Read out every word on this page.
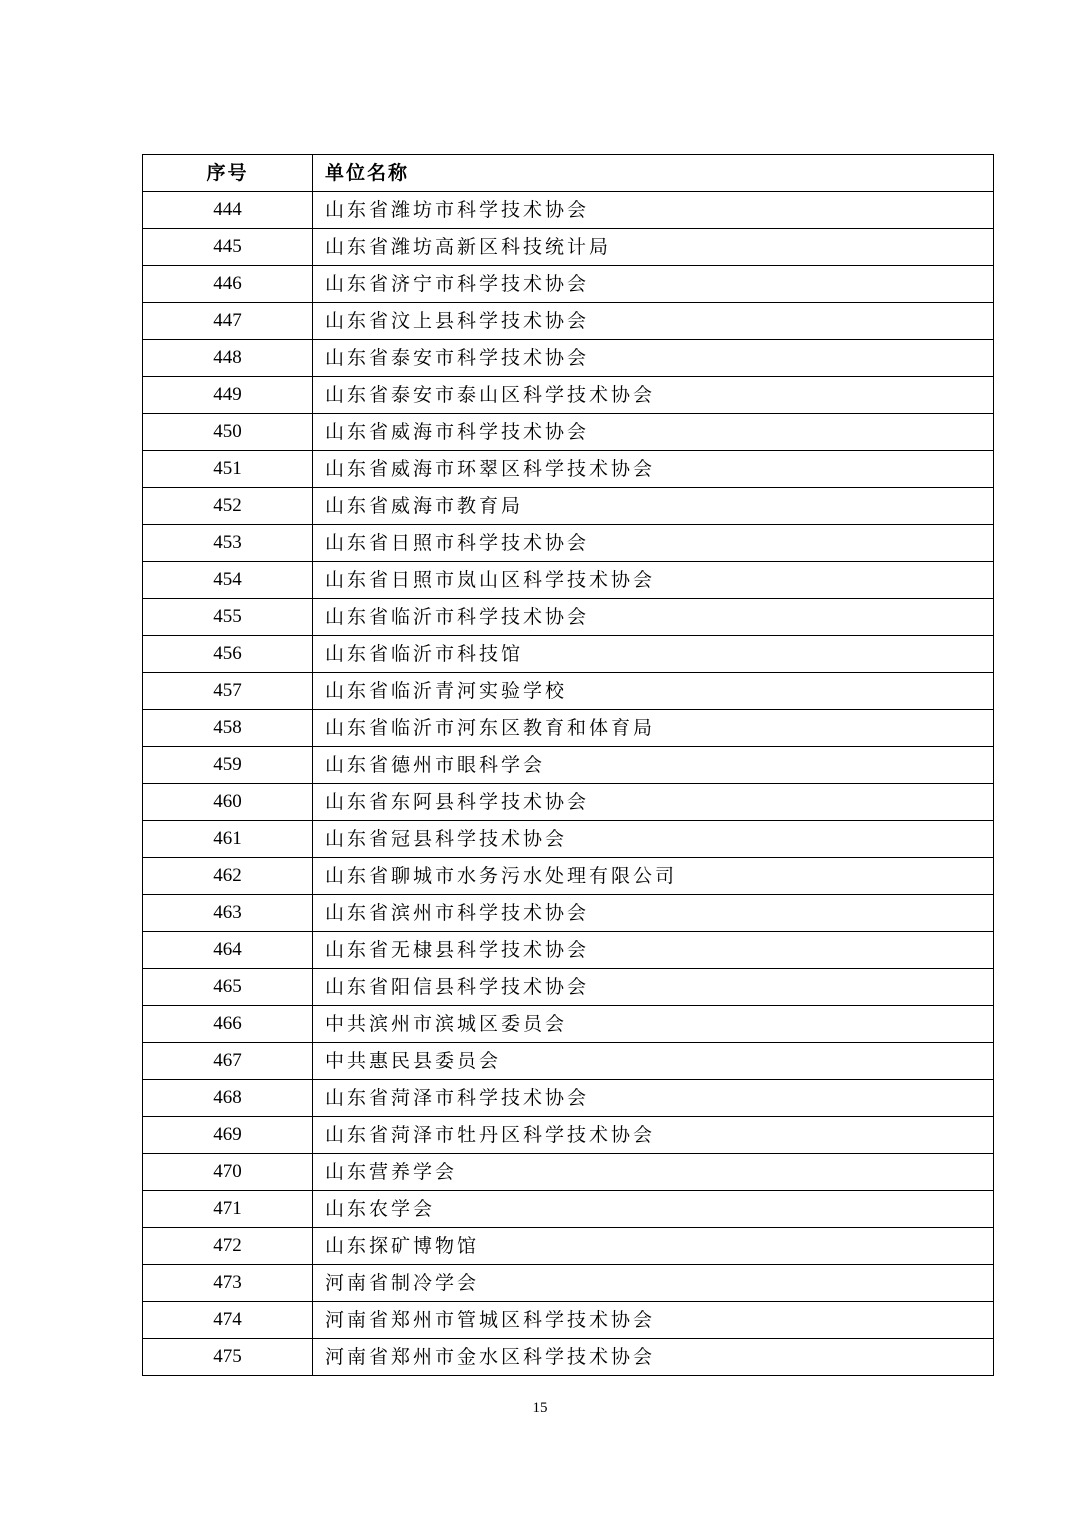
序号	单位名称
444	山东省潍坊市科学技术协会
445	山东省潍坊高新区科技统计局
446	山东省济宁市科学技术协会
447	山东省汶上县科学技术协会
448	山东省泰安市科学技术协会
449	山东省泰安市泰山区科学技术协会
450	山东省威海市科学技术协会
451	山东省威海市环翠区科学技术协会
452	山东省威海市教育局
453	山东省日照市科学技术协会
454	山东省日照市岚山区科学技术协会
455	山东省临沂市科学技术协会
456	山东省临沂市科技馆
457	山东省临沂青河实验学校
458	山东省临沂市河东区教育和体育局
459	山东省德州市眼科学会
460	山东省东阿县科学技术协会
461	山东省冠县科学技术协会
462	山东省聊城市水务污水处理有限公司
463	山东省滨州市科学技术协会
464	山东省无棣县科学技术协会
465	山东省阳信县科学技术协会
466	中共滨州市滨城区委员会
467	中共惠民县委员会
468	山东省菏泽市科学技术协会
469	山东省菏泽市牡丹区科学技术协会
470	山东营养学会
471	山东农学会
472	山东探矿博物馆
473	河南省制冷学会
474	河南省郑州市管城区科学技术协会
475	河南省郑州市金水区科学技术协会
15
